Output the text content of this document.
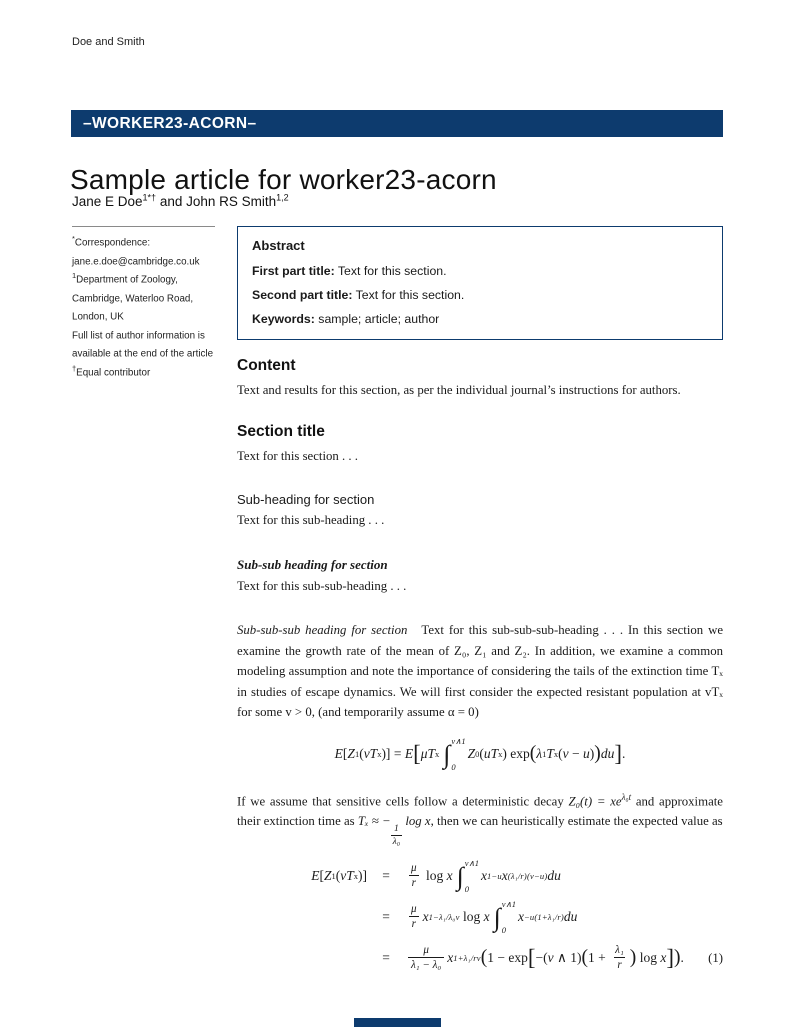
Doe and Smith
–WORKER23-ACORN–
Sample article for worker23-acorn
Jane E Doe$^{1*\dagger}$ and John RS Smith$^{1,2}$
*Correspondence:
jane.e.doe@cambridge.co.uk
$^1$Department of Zoology,
Cambridge, Waterloo Road,
London, UK
Full list of author information is
available at the end of the article
†Equal contributor

Abstract

First part title: Text for this section.

Second part title: Text for this section.

Keywords: sample; article; author

Content

Text and results for this section, as per the individual journal’s instructions for authors.

Section title

Text for this section . . .

Sub-heading for section

Text for this sub-heading . . .

Sub-sub heading for section

Text for this sub-sub-heading . . .

Sub-sub-sub heading for section Text for this sub-sub-sub-heading . . . In this section we examine the growth rate of the mean of Z₀, Z₁ and Z₂. In addition, we examine a common modeling assumption and note the importance of considering the tails of the extinction time Tₓ in studies of escape dynamics. We will first consider the expected resistant population at vTₓ for some v > 0, (and temporarily assume α = 0)

E [ Z 1 ( vT x )] = E [ μT x ∫ v∧1
0
Z 0 ( uT x ) exp ( λ 1 T x ( v − u ) ) du ] .

If we assume that sensitive cells follow a deterministic decay $Z_0(t) = xe^{\lambda_0t}$ and approximate their extinction time as Tₓ ≈ −
$\frac{1}{\text{λ₀}}$
log x, then we can heuristically estimate the expected value as

E [ Z 1 ( vT x )]	=
μ
r log x ∫ v∧1
0
x 1−u x (λ₁/r)(v−u) du
=
μ
r x 1−λ₁/λ₀v log x ∫ v∧1
0
x −u(1+λ₁/r) du
=
μ
λ₁ − λ₀ x 1+λ₁/rv ( 1 − exp [ −( v ∧ 1) ( $1 + \frac{\text{λ₁}}{r}$ ) log x ] ) . (1)
